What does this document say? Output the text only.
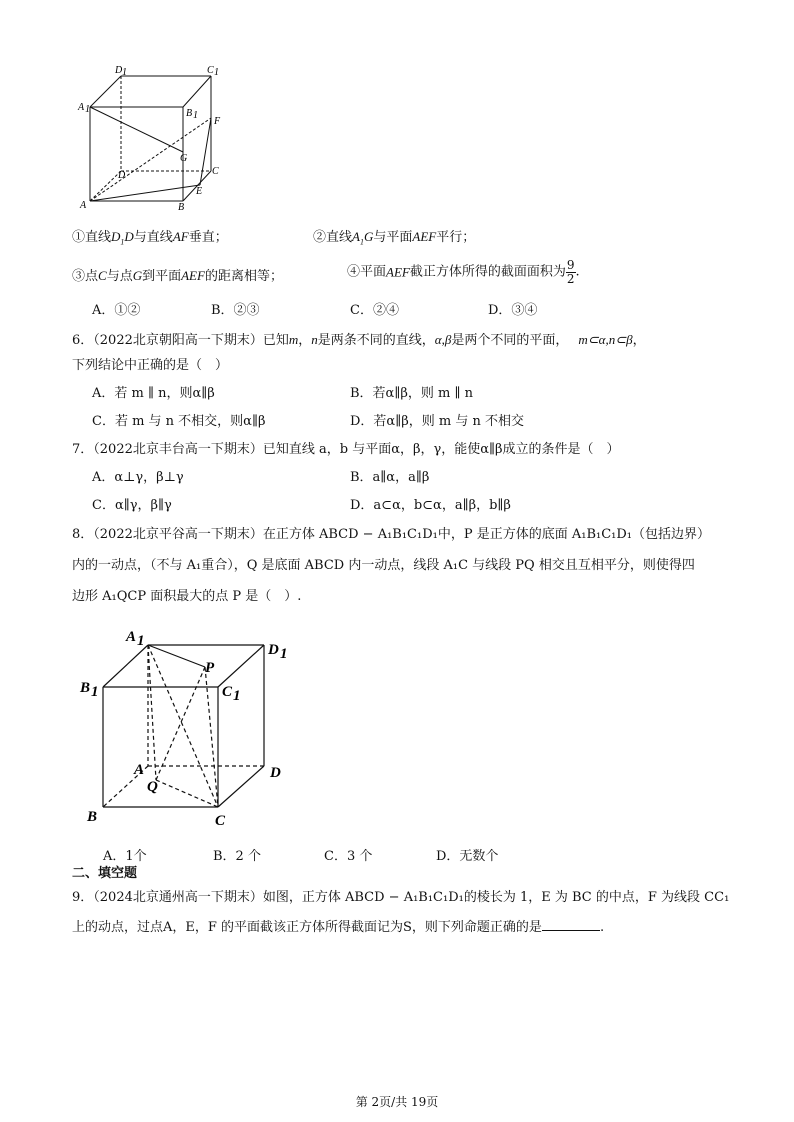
D 1	C 1
A 1	B 1
F
G
D	C
E
A	B
①直线$D_1D$与直线AF垂直；	②直线$A_1G$与平面AEF平行；
③点C与点G到平面AEF的距离相等；	④平面AEF截正方体所得的截面面积为 $\frac{9}{2}$ .
A．①②	B．②③	C．②④	D．③④
6．（2022北京朝阳高一下期末）已知m，n是两条不同的直线，α,β是两个不同的平面， m⊂α,n⊂β，
下列结论中正确的是（　）
A．若 m ∥ n，则α∥β	B．若α∥β，则 m ∥ n
C．若 m 与 n 不相交，则α∥β	D．若α∥β，则 m 与 n 不相交
7．（2022北京丰台高一下期末）已知直线 a，b 与平面α，β，γ，能使α∥β成立的条件是（　）
A．α⊥γ，β⊥γ	B．a∥α，a∥β
C．α∥γ，β∥γ	D．a⊂α，b⊂α，a∥β，b∥β
8．（2022北京平谷高一下期末）在正方体 ABCD − A₁B₁C₁D₁中，P 是正方体的底面 A₁B₁C₁D₁（包括边界）
内的一动点，（不与 A₁重合），Q 是底面 ABCD 内一动点，线段 A₁C 与线段 PQ 相交且互相平分，则使得四
边形 A₁QCP 面积最大的点 P 是（　）.
A 1
D 1
B 1	C 1
P
A
Q
D
B	C
A．1个	B．2 个	C．3 个	D．无数个
二、填空题
9．（2024北京通州高一下期末）如图，正方体 ABCD − A₁B₁C₁D₁的棱长为 1，E 为 BC 的中点，F 为线段 CC₁
上的动点，过点A，E，F 的平面截该正方体所得截面记为S，则下列命题正确的是	.
第 2页/共 19页
